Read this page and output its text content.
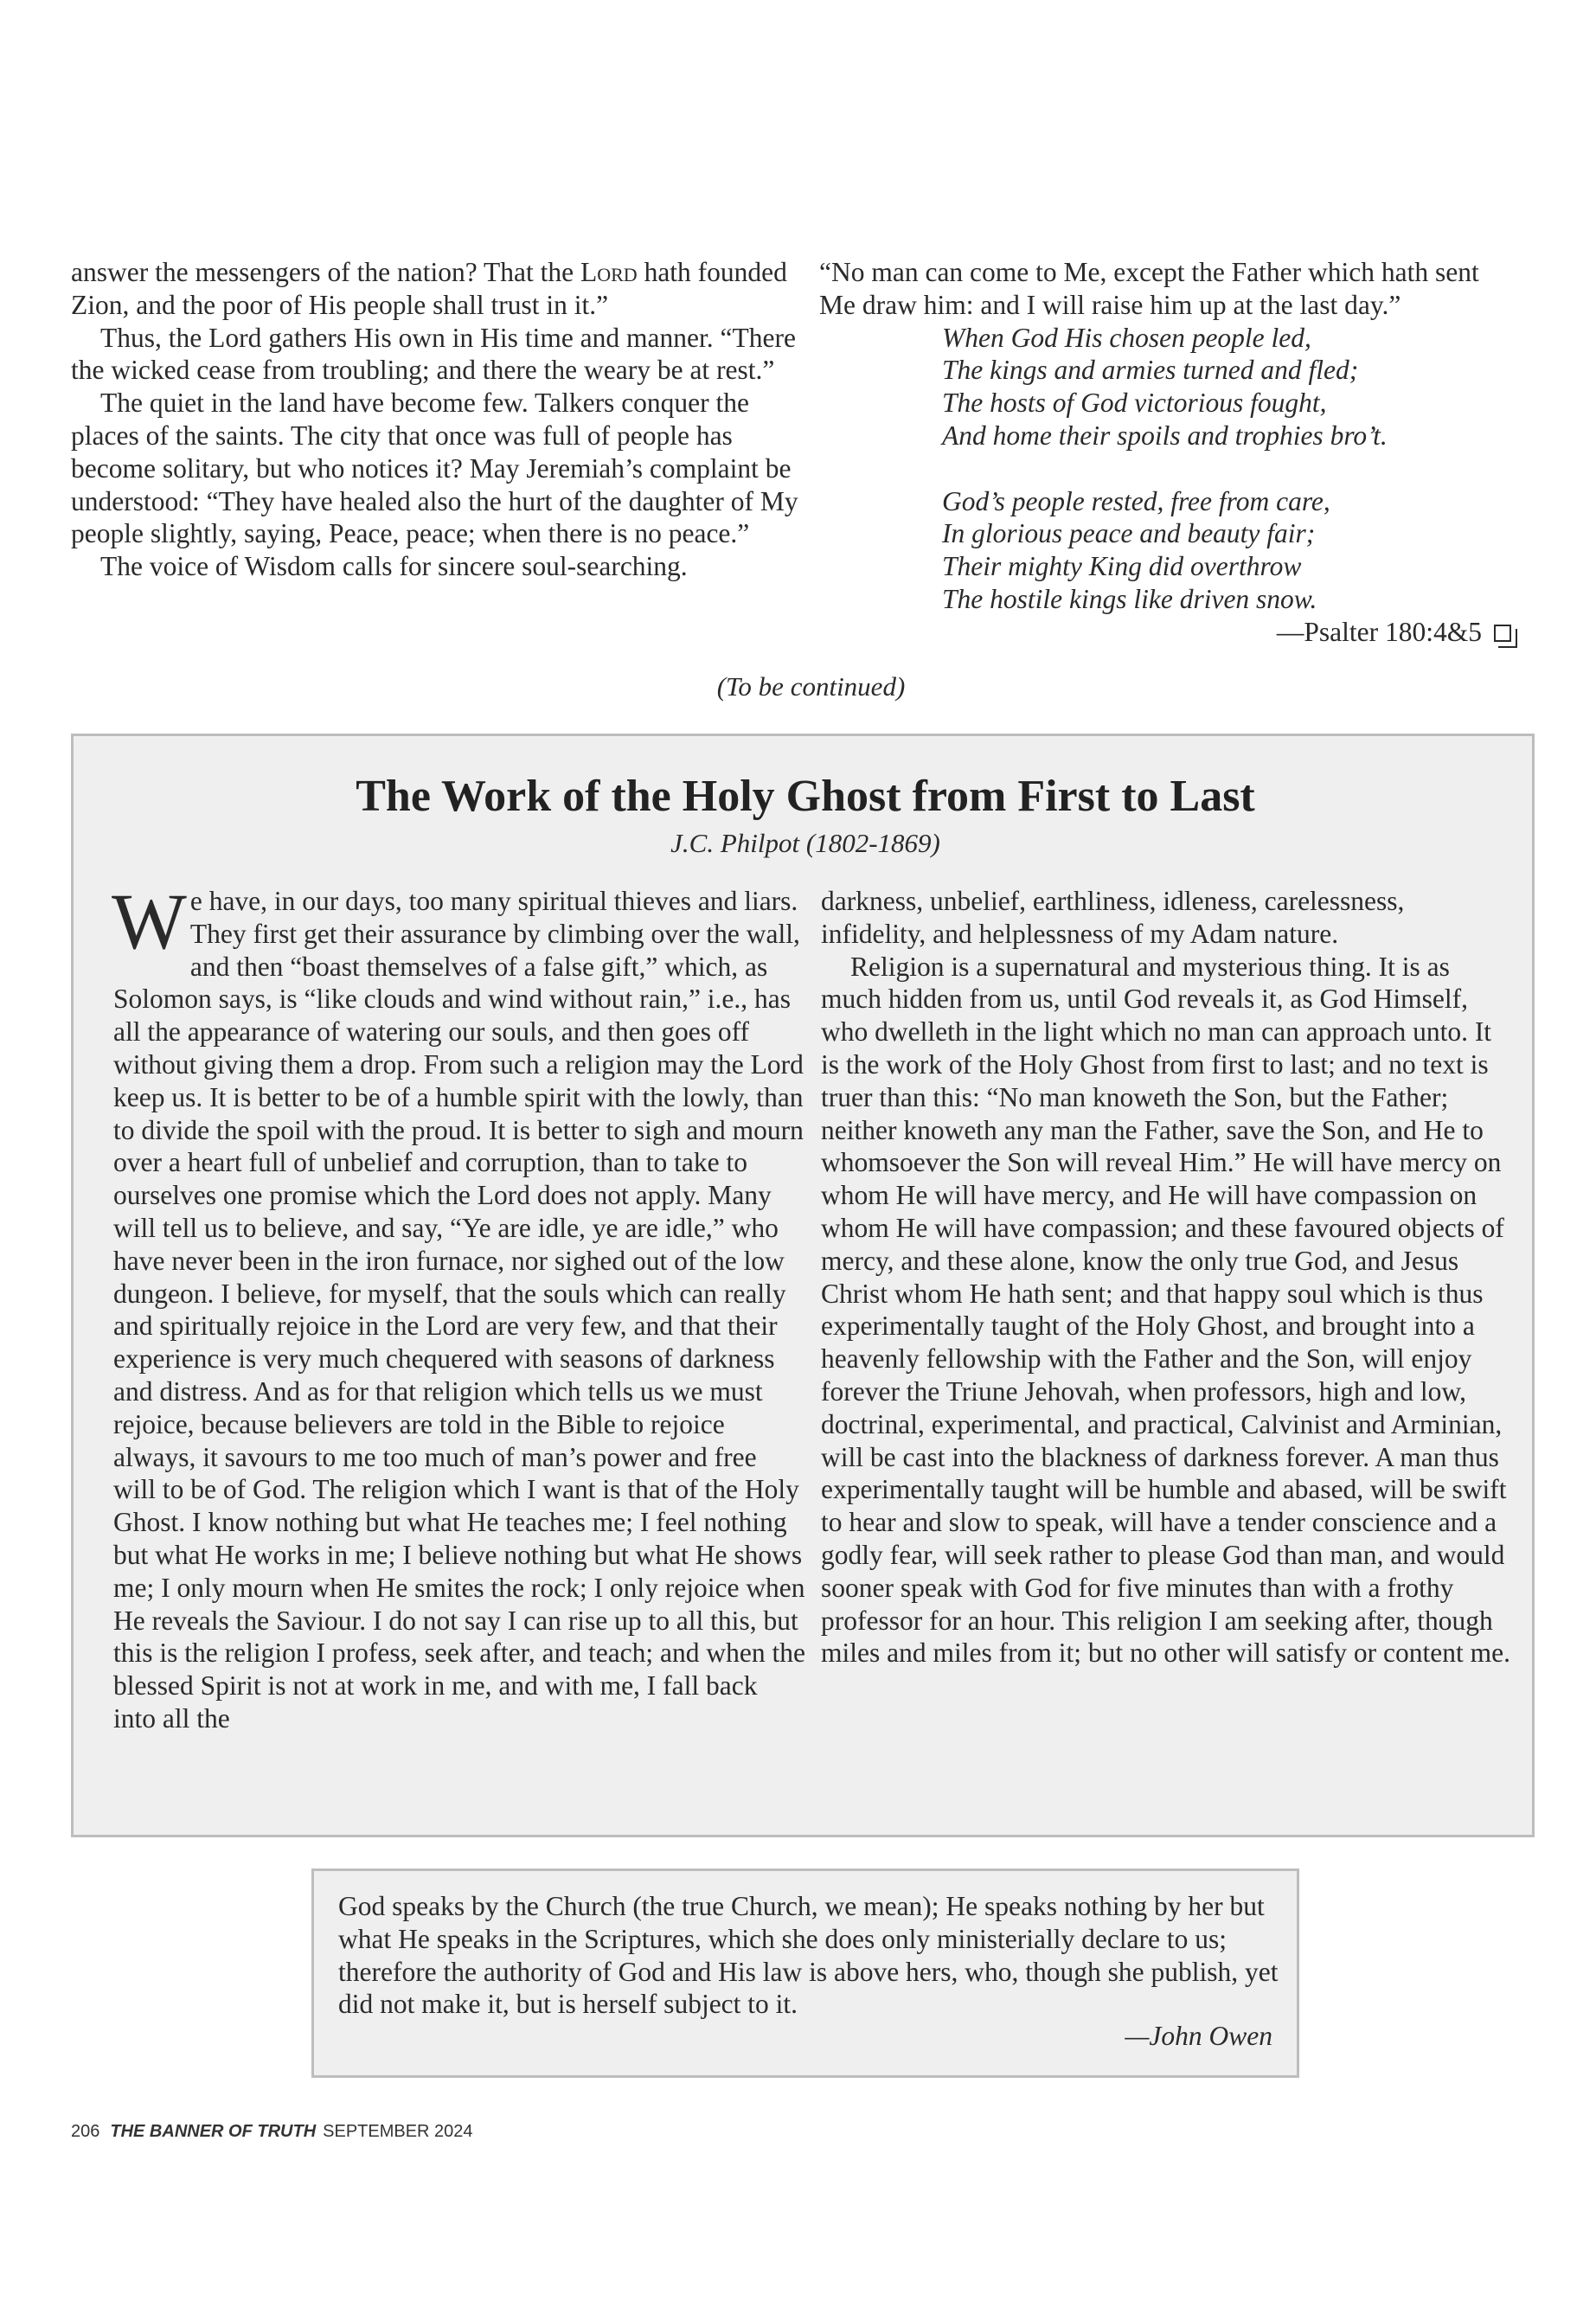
answer the messengers of the nation? That the Lord hath founded Zion, and the poor of His people shall trust in it.”

Thus, the Lord gathers His own in His time and manner. “There the wicked cease from troubling; and there the weary be at rest.”

The quiet in the land have become few. Talkers conquer the places of the saints. The city that once was full of people has become solitary, but who notices it? May Jeremiah’s complaint be understood: “They have healed also the hurt of the daughter of My people slightly, saying, Peace, peace; when there is no peace.”

The voice of Wisdom calls for sincere soul-searching.

“No man can come to Me, except the Father which hath sent Me draw him: and I will raise him up at the last day.”

When God His chosen people led,
The kings and armies turned and fled;
The hosts of God victorious fought,
And home their spoils and trophies bro’t.
God’s people rested, free from care,
In glorious peace and beauty fair;
Their mighty King did overthrow
The hostile kings like driven snow.
—Psalter 180:4&5
(To be continued)
The Work of the Holy Ghost from First to Last
J.C. Philpot (1802-1869)

We have, in our days, too many spiritual thieves and liars. They first get their assurance by climbing over the wall, and then “boast themselves of a false gift,” which, as Solomon says, is “like clouds and wind without rain,” i.e., has all the appearance of watering our souls, and then goes off without giving them a drop. From such a religion may the Lord keep us. It is better to be of a humble spirit with the lowly, than to divide the spoil with the proud. It is better to sigh and mourn over a heart full of unbelief and corruption, than to take to ourselves one promise which the Lord does not apply. Many will tell us to believe, and say, “Ye are idle, ye are idle,” who have never been in the iron furnace, nor sighed out of the low dungeon. I believe, for myself, that the souls which can really and spiritually rejoice in the Lord are very few, and that their experience is very much chequered with seasons of darkness and distress. And as for that religion which tells us we must rejoice, because believers are told in the Bible to rejoice always, it savours to me too much of man’s power and free will to be of God. The religion which I want is that of the Holy Ghost. I know nothing but what He teaches me; I feel nothing but what He works in me; I believe nothing but what He shows me; I only mourn when He smites the rock; I only rejoice when He reveals the Saviour. I do not say I can rise up to all this, but this is the religion I profess, seek after, and teach; and when the blessed Spirit is not at work in me, and with me, I fall back into all the

darkness, unbelief, earthliness, idleness, carelessness, infidelity, and helplessness of my Adam nature.

Religion is a supernatural and mysterious thing. It is as much hidden from us, until God reveals it, as God Himself, who dwelleth in the light which no man can approach unto. It is the work of the Holy Ghost from first to last; and no text is truer than this: “No man knoweth the Son, but the Father; neither knoweth any man the Father, save the Son, and He to whomsoever the Son will reveal Him.” He will have mercy on whom He will have mercy, and He will have compassion on whom He will have compassion; and these favoured objects of mercy, and these alone, know the only true God, and Jesus Christ whom He hath sent; and that happy soul which is thus experimentally taught of the Holy Ghost, and brought into a heavenly fellowship with the Father and the Son, will enjoy forever the Triune Jehovah, when professors, high and low, doctrinal, experimental, and practical, Calvinist and Arminian, will be cast into the blackness of darkness forever. A man thus experimentally taught will be humble and abased, will be swift to hear and slow to speak, will have a tender conscience and a godly fear, will seek rather to please God than man, and would sooner speak with God for five minutes than with a frothy professor for an hour. This religion I am seeking after, though miles and miles from it; but no other will satisfy or content me.

God speaks by the Church (the true Church, we mean); He speaks nothing by her but what He speaks in the Scriptures, which she does only ministerially declare to us; therefore the authority of God and His law is above hers, who, though she publish, yet did not make it, but is herself subject to it.
—John Owen
206 THE BANNER OF TRUTH SEPTEMBER 2024
